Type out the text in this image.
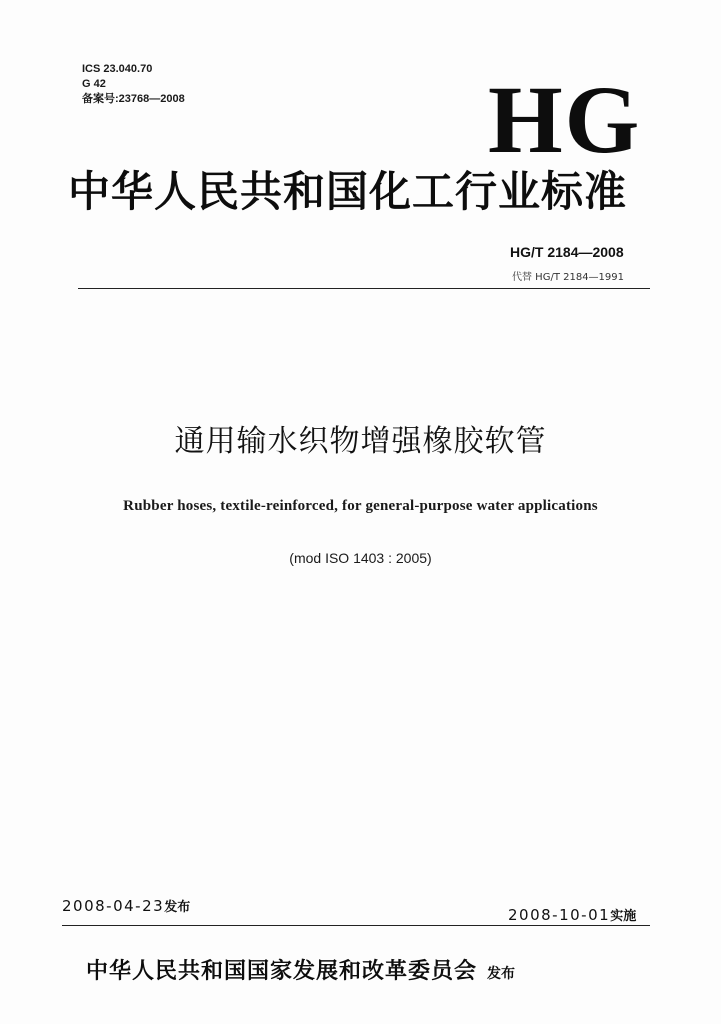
ICS 23.040.70
G 42
备案号:23768—2008	HG
中华人民共和国化工行业标准
HG/T 2184—2008
代替 HG/T 2184—1991
通用输水织物增强橡胶软管
Rubber hoses, textile-reinforced, for general-purpose water applications
(mod ISO 1403 : 2005)
2008-04-23发布	2008-10-01实施
中华人民共和国国家发展和改革委员会 发布
